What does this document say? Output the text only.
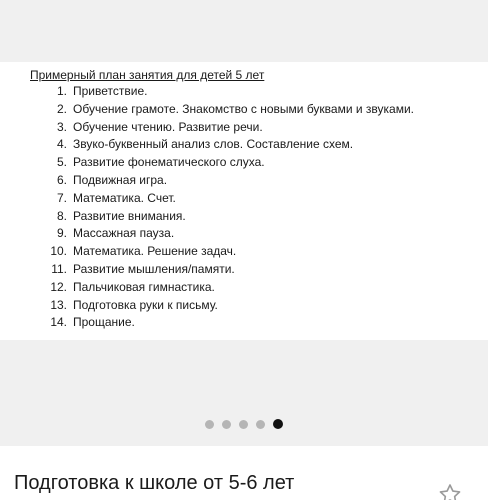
Примерный план занятия для детей 5 лет

1. Приветствие.
2. Обучение грамоте. Знакомство с новыми буквами и звуками.
3. Обучение чтению. Развитие речи.
4. Звуко-буквенный анализ слов. Составление схем.
5. Развитие фонематического слуха.
6. Подвижная игра.
7. Математика. Счет.
8. Развитие внимания.
9. Массажная пауза.
10. Математика. Решение задач.
11. Развитие мышления/памяти.
12. Пальчиковая гимнастика.
13. Подготовка руки к письму.
14. Прощание.
Подготовка к школе от 5-6 лет
